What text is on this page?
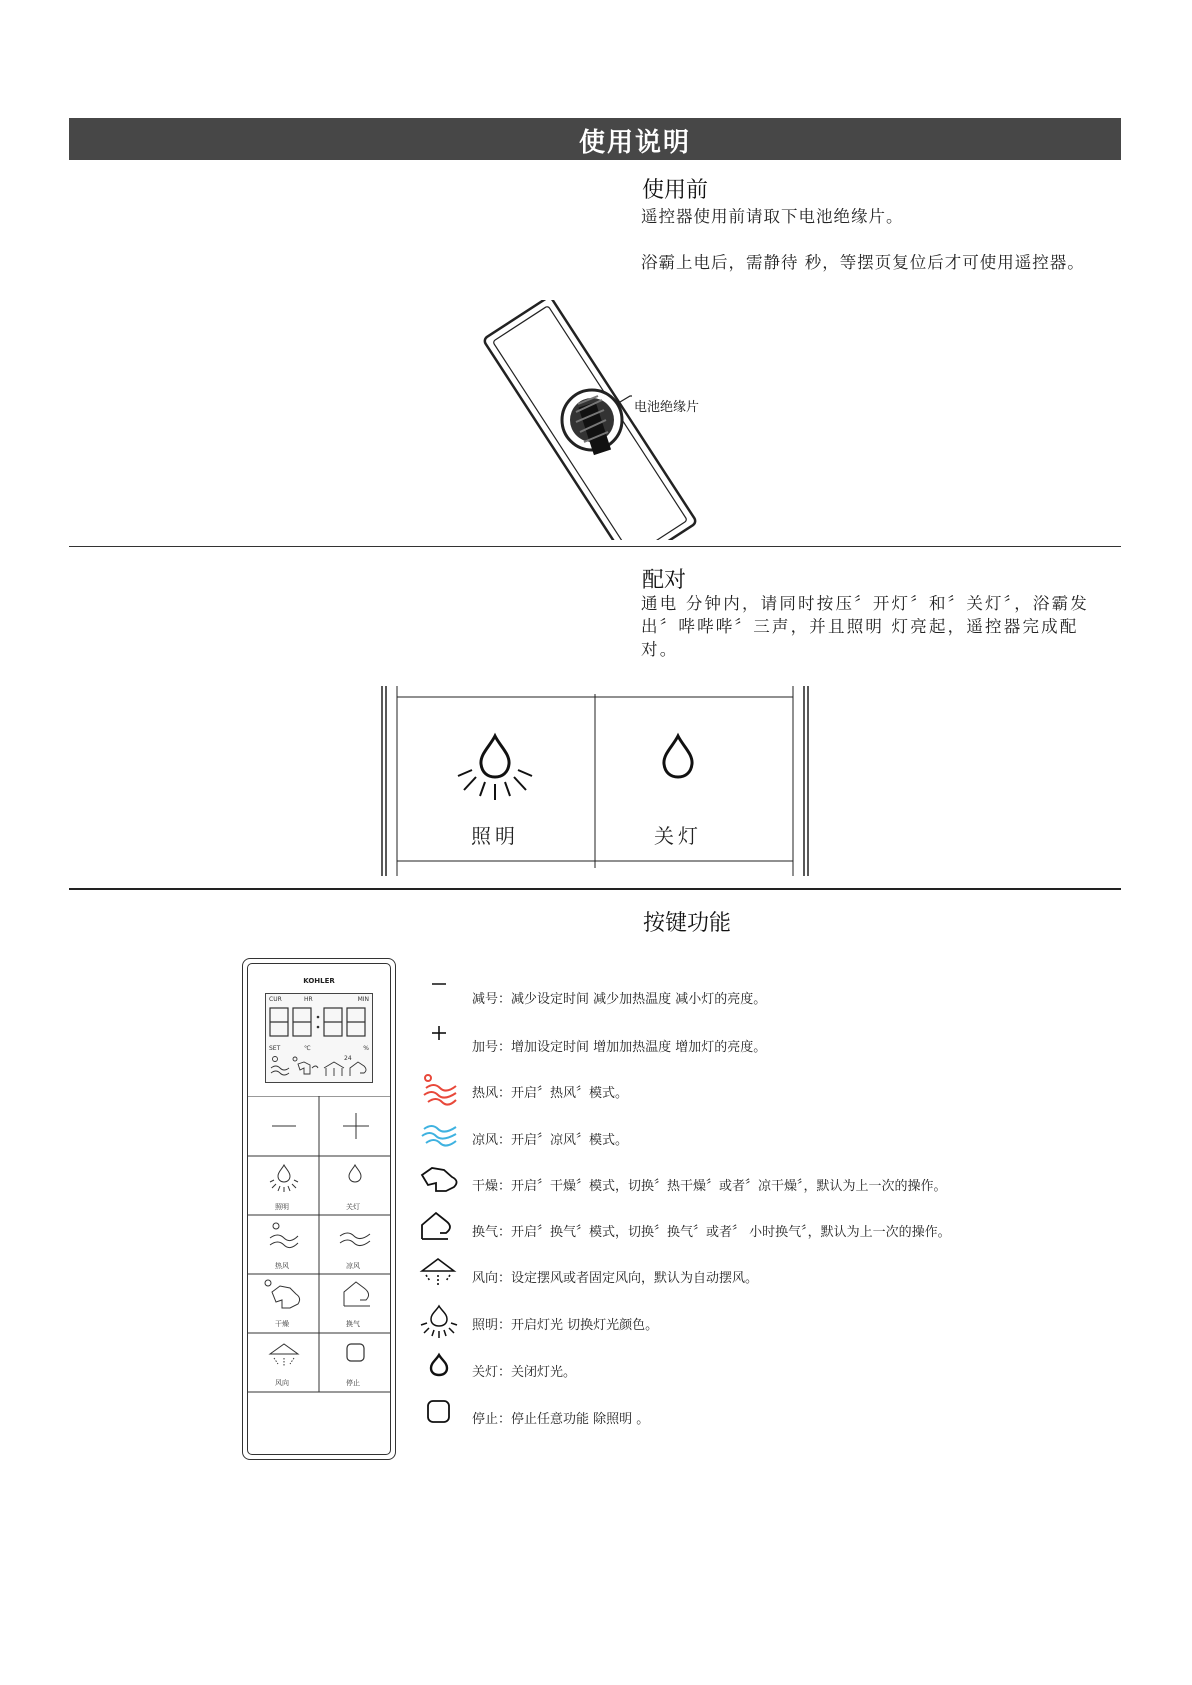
使用说明
使用前
遥控器使用前请取下电池绝缘片。
浴霸上电后，需静待 秒，等摆页复位后才可使用遥控器。
电池绝缘片
配对
通电 分钟内，请同时按压〞开灯〞和〞关灯〞，浴霸发出〞哔哔哔〞三声，并且照明 灯亮起，遥控器完成配对。
照明	关灯
按键功能
KOHLER
CUR	HR	MIN
SET	℃	%
24
照明	关灯
热风	凉风
干燥	换气
风向	停止
减号：减少设定时间 减少加热温度 减小灯的亮度。
加号：增加设定时间 增加加热温度 增加灯的亮度。
热风：开启〞热风〞模式。
凉风：开启〞凉风〞模式。
干燥：开启〞干燥〞模式，切换〞热干燥〞或者〞凉干燥〞，默认为上一次的操作。
换气：开启〞换气〞模式，切换〞换气〞或者〞 小时换气〞，默认为上一次的操作。
风向：设定摆风或者固定风向，默认为自动摆风。
照明：开启灯光 切换灯光颜色。
关灯：关闭灯光。
停止：停止任意功能 除照明 。
